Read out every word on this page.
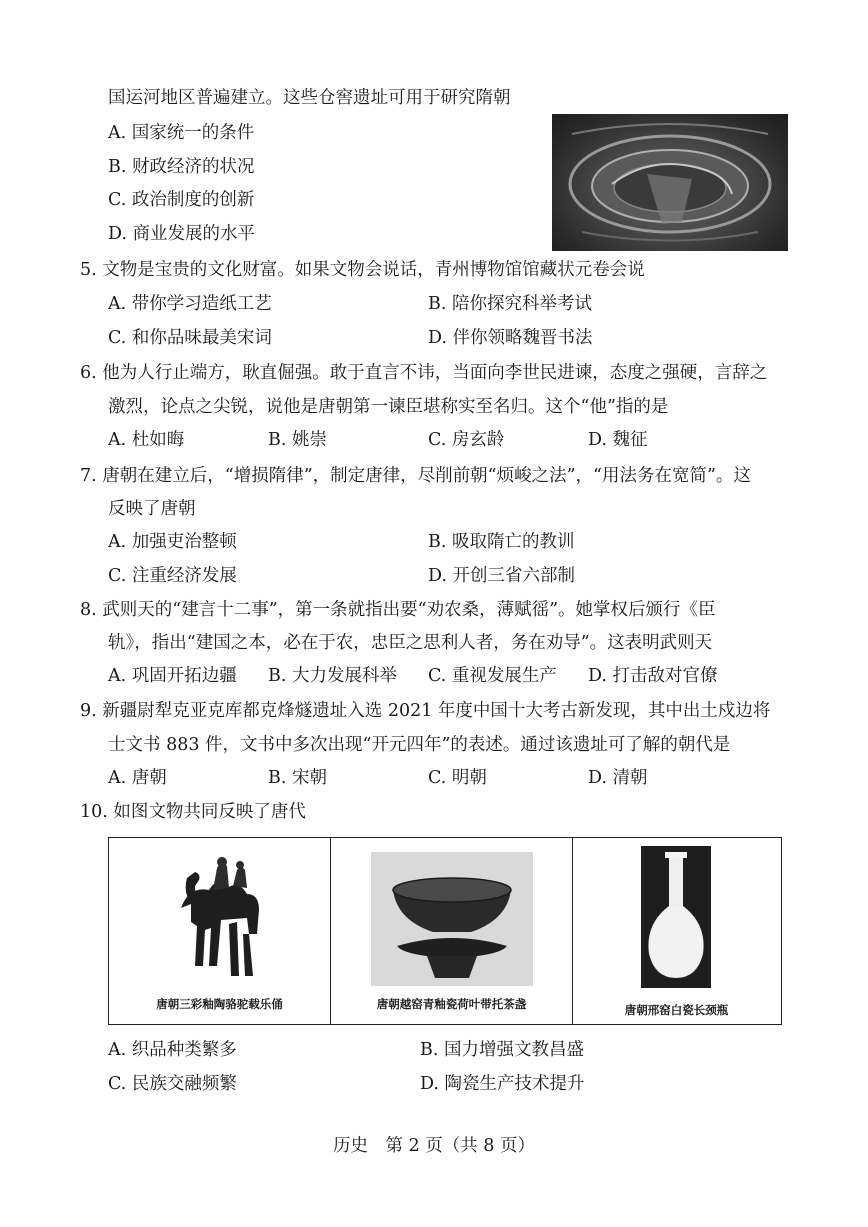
国运河地区普遍建立。这些仓窖遗址可用于研究隋朝
A. 国家统一的条件
B. 财政经济的状况
C. 政治制度的创新
D. 商业发展的水平
5. 文物是宝贵的文化财富。如果文物会说话，青州博物馆馆藏状元卷会说
A. 带你学习造纸工艺	B. 陪你探究科举考试
C. 和你品味最美宋词	D. 伴你领略魏晋书法
6. 他为人行止端方，耿直倔强。敢于直言不讳，当面向李世民进谏，态度之强硬，言辞之
激烈，论点之尖锐，说他是唐朝第一谏臣堪称实至名归。这个“他”指的是
A. 杜如晦	B. 姚崇	C. 房玄龄	D. 魏征
7. 唐朝在建立后，“增损隋律”，制定唐律，尽削前朝“烦峻之法”，“用法务在宽简”。这
反映了唐朝
A. 加强吏治整顿	B. 吸取隋亡的教训
C. 注重经济发展	D. 开创三省六部制
8. 武则天的“建言十二事”，第一条就指出要“劝农桑，薄赋徭”。她掌权后颁行《臣
轨》，指出“建国之本，必在于农，忠臣之思利人者，务在劝导”。这表明武则天
A. 巩固开拓边疆 B. 大力发展科举 C. 重视发展生产 D. 打击敌对官僚
9. 新疆尉犁克亚克库都克烽燧遗址入选 2021 年度中国十大考古新发现，其中出土戍边将
士文书 883 件，文书中多次出现“开元四年”的表述。通过该遗址可了解的朝代是
A. 唐朝	B. 宋朝	C. 明朝	D. 清朝
10. 如图文物共同反映了唐代
唐朝三彩釉陶骆驼载乐俑	唐朝越窑青釉瓷荷叶带托茶盏	唐朝邢窑白瓷长颈瓶
A. 织品种类繁多	B. 国力增强文教昌盛
C. 民族交融频繁	D. 陶瓷生产技术提升
历史　第 2 页（共 8 页）
